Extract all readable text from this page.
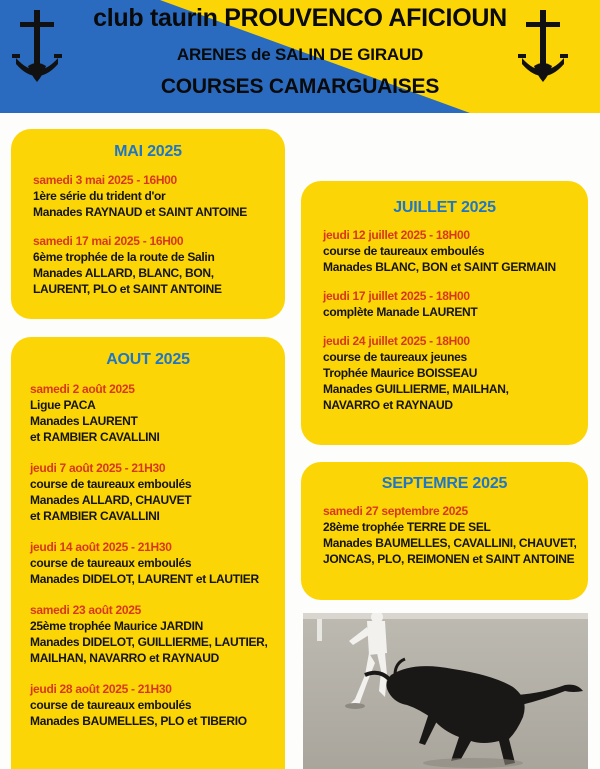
club taurin PROUVENCO AFICIOUN
ARENES de SALIN DE GIRAUD
COURSES CAMARGUAISES
MAI 2025
samedi 3 mai 2025 - 16H00
1ère série du trident d'or
Manades RAYNAUD et SAINT ANTOINE
samedi 17 mai 2025 - 16H00
6ème trophée de la route de Salin
Manades ALLARD, BLANC, BON,
LAURENT, PLO et SAINT ANTOINE
AOUT 2025
samedi 2 août 2025
Ligue PACA
Manades LAURENT
et RAMBIER CAVALLINI
jeudi 7 août 2025 - 21H30
course de taureaux emboulés
Manades ALLARD, CHAUVET
et RAMBIER CAVALLINI
jeudi 14 août 2025 - 21H30
course de taureaux emboulés
Manades DIDELOT, LAURENT et LAUTIER
samedi 23 août 2025
25ème trophée Maurice JARDIN
Manades DIDELOT, GUILLIERME, LAUTIER,
MAILHAN, NAVARRO et RAYNAUD
jeudi 28 août 2025 - 21H30
course de taureaux emboulés
Manades BAUMELLES, PLO et TIBERIO
JUILLET 2025
jeudi 12 juillet 2025 - 18H00
course de taureaux emboulés
Manades BLANC, BON et SAINT GERMAIN
jeudi 17 juillet 2025 - 18H00
complète Manade LAURENT
jeudi 24 juillet 2025 - 18H00
course de taureaux jeunes
Trophée Maurice BOISSEAU
Manades GUILLIERME, MAILHAN,
NAVARRO et RAYNAUD
SEPTEMRE 2025
samedi 27 septembre 2025
28ème trophée TERRE DE SEL
Manades BAUMELLES, CAVALLINI, CHAUVET,
JONCAS, PLO, REIMONEN et SAINT ANTOINE
